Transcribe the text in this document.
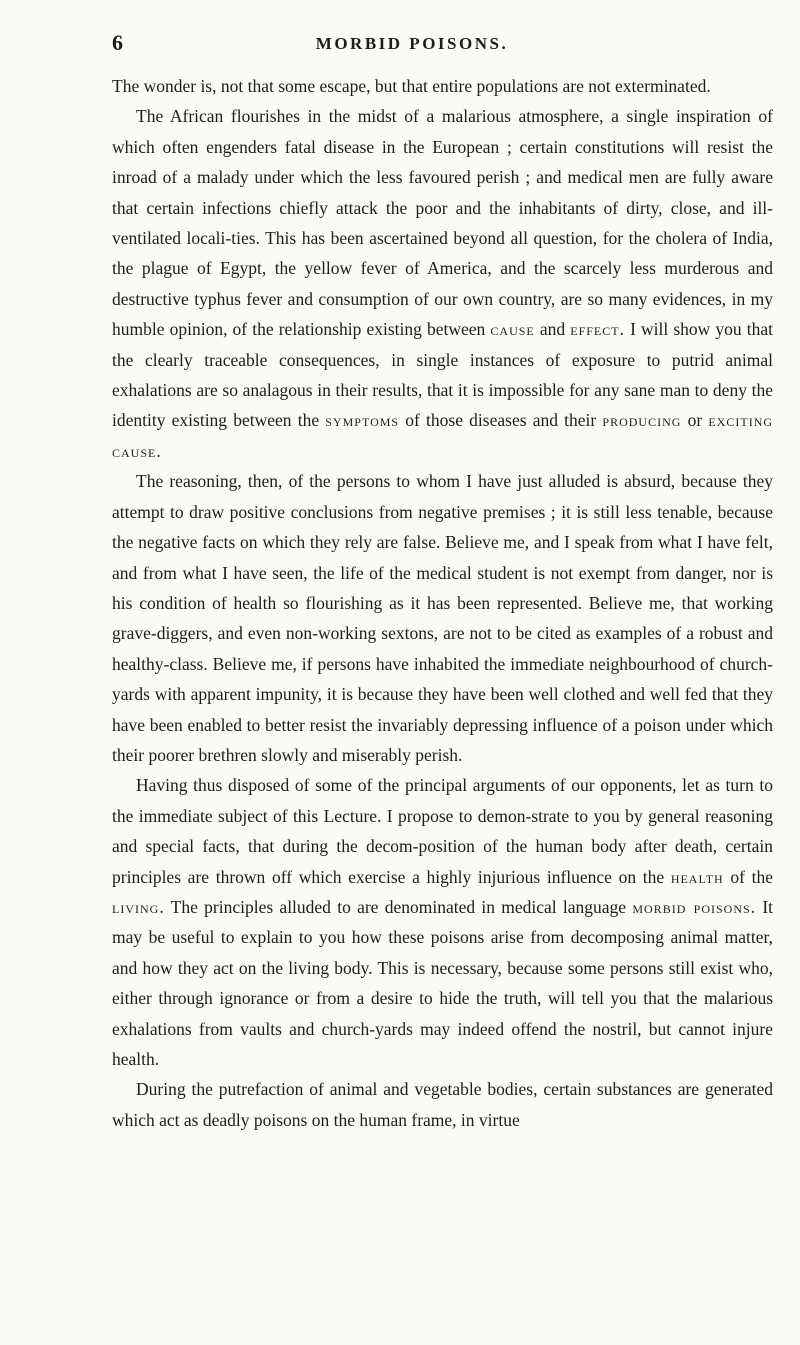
6	MORBID POISONS.

The wonder is, not that some escape, but that entire populations are not exterminated.

The African flourishes in the midst of a malarious atmosphere, a single inspiration of which often engenders fatal disease in the European ; certain constitutions will resist the inroad of a malady under which the less favoured perish ; and medical men are fully aware that certain infections chiefly attack the poor and the inhabitants of dirty, close, and ill-ventilated locali-ties. This has been ascertained beyond all question, for the cholera of India, the plague of Egypt, the yellow fever of America, and the scarcely less murderous and destructive typhus fever and consumption of our own country, are so many evidences, in my humble opinion, of the relationship existing between cause and effect. I will show you that the clearly traceable consequences, in single instances of exposure to putrid animal exhalations are so analagous in their results, that it is impossible for any sane man to deny the identity existing between the symptoms of those diseases and their producing or exciting cause.

The reasoning, then, of the persons to whom I have just alluded is absurd, because they attempt to draw positive conclusions from negative premises ; it is still less tenable, because the negative facts on which they rely are false. Believe me, and I speak from what I have felt, and from what I have seen, the life of the medical student is not exempt from danger, nor is his condition of health so flourishing as it has been represented. Believe me, that working grave-diggers, and even non-working sextons, are not to be cited as examples of a robust and healthy-class. Believe me, if persons have inhabited the immediate neighbourhood of church-yards with apparent impunity, it is because they have been well clothed and well fed that they have been enabled to better resist the invariably depressing influence of a poison under which their poorer brethren slowly and miserably perish.

Having thus disposed of some of the principal arguments of our opponents, let as turn to the immediate subject of this Lecture. I propose to demon-strate to you by general reasoning and special facts, that during the decom-position of the human body after death, certain principles are thrown off which exercise a highly injurious influence on the health of the living. The principles alluded to are denominated in medical language morbid poisons. It may be useful to explain to you how these poisons arise from decomposing animal matter, and how they act on the living body. This is necessary, because some persons still exist who, either through ignorance or from a desire to hide the truth, will tell you that the malarious exhalations from vaults and church-yards may indeed offend the nostril, but cannot injure health.

During the putrefaction of animal and vegetable bodies, certain substances are generated which act as deadly poisons on the human frame, in virtue
